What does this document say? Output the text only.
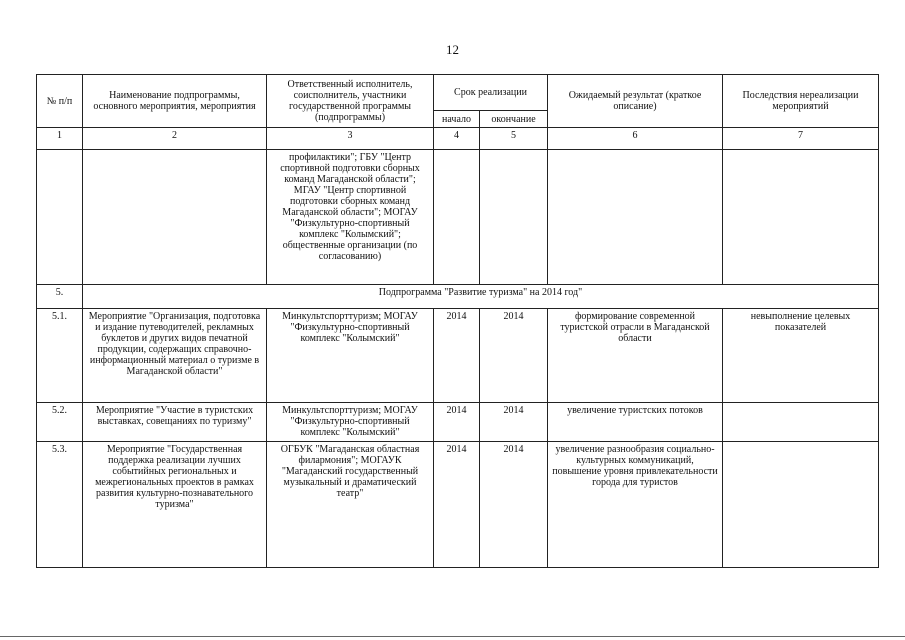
12
№ п/п	Наименование подпрограммы, основного мероприятия, мероприятия	Ответственный исполнитель, соисполнитель, участники государственной программы (подпрограммы)	Срок реализации		Ожидаемый результат (краткое описание)	Последствия нереализации мероприятий
			начало	окончание		
1	2	3	4	5	6	7
		профилактики"; ГБУ "Центр спортивной подготовки сборных команд Магаданской области"; МГАУ "Центр спортивной подготовки сборных команд Магаданской области"; МОГАУ "Физкультурно-спортивный комплекс "Колымский"; общественные организации (по согласованию)				
5.	Подпрограмма "Развитие туризма" на 2014 год"					
5.1.	Мероприятие "Организация, подготовка и издание путеводителей, рекламных буклетов и других видов печатной продукции, содержащих справочно-информационный материал о туризме в Магаданской области"	Минкультспорттуризм; МОГАУ "Физкультурно-спортивный комплекс "Колымский"	2014	2014	формирование современной туристской отрасли в Магаданской области	невыполнение целевых показателей
5.2.	Мероприятие "Участие в туристских выставках, совещаниях по туризму"	Минкультспорттуризм; МОГАУ "Физкультурно-спортивный комплекс "Колымский"	2014	2014	увеличение туристских потоков	
5.3.	Мероприятие "Государственная поддержка реализации лучших событийных региональных и межрегиональных проектов в рамках развития культурно-познавательного туризма"	ОГБУК "Магаданская областная филармония"; МОГАУК "Магаданский государственный музыкальный и драматический театр"	2014	2014	увеличение разнообразия социально-культурных коммуникаций, повышение уровня привлекательности города для туристов	
